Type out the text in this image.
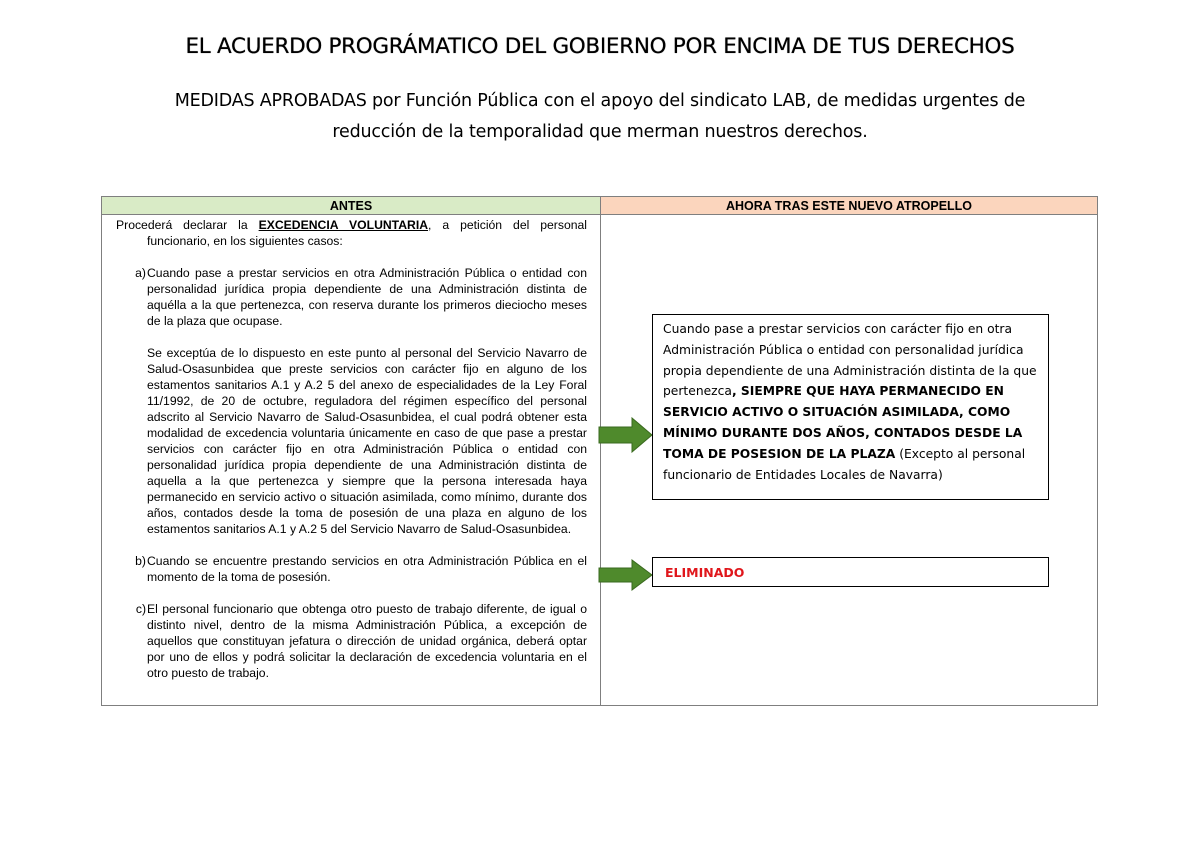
EL ACUERDO PROGRÁMATICO DEL GOBIERNO POR ENCIMA DE TUS DERECHOS
MEDIDAS APROBADAS por Función Pública con el apoyo del sindicato LAB, de medidas urgentes de
reducción de la temporalidad que merman nuestros derechos.
ANTES	AHORA TRAS ESTE NUEVO ATROPELLO

Procederá declarar la EXCEDENCIA VOLUNTARIA, a petición del personal funcionario, en los siguientes casos:

a) Cuando pase a prestar servicios en otra Administración Pública o entidad con personalidad jurídica propia dependiente de una Administración distinta de aquélla a la que pertenezca, con reserva durante los primeros dieciocho meses de la plaza que ocupase.

Se exceptúa de lo dispuesto en este punto al personal del Servicio Navarro de Salud-Osasunbidea que preste servicios con carácter fijo en alguno de los estamentos sanitarios A.1 y A.2 5 del anexo de especialidades de la Ley Foral 11/1992, de 20 de octubre, reguladora del régimen específico del personal adscrito al Servicio Navarro de Salud-Osasunbidea, el cual podrá obtener esta modalidad de excedencia voluntaria únicamente en caso de que pase a prestar servicios con carácter fijo en otra Administración Pública o entidad con personalidad jurídica propia dependiente de una Administración distinta de aquella a la que pertenezca y siempre que la persona interesada haya permanecido en servicio activo o situación asimilada, como mínimo, durante dos años, contados desde la toma de posesión de una plaza en alguno de los estamentos sanitarios A.1 y A.2 5 del Servicio Navarro de Salud-Osasunbidea.

b) Cuando se encuentre prestando servicios en otra Administración Pública en el momento de la toma de posesión.

c) El personal funcionario que obtenga otro puesto de trabajo diferente, de igual o distinto nivel, dentro de la misma Administración Pública, a excepción de aquellos que constituyan jefatura o dirección de unidad orgánica, deberá optar por uno de ellos y podrá solicitar la declaración de excedencia voluntaria en el otro puesto de trabajo.

Cuando pase a prestar servicios con carácter fijo en otra Administración Pública o entidad con personalidad jurídica propia dependiente de una Administración distinta de la que pertenezca, SIEMPRE QUE HAYA PERMANECIDO EN SERVICIO ACTIVO O SITUACIÓN ASIMILADA, COMO MÍNIMO DURANTE DOS AÑOS, CONTADOS DESDE LA TOMA DE POSESION DE LA PLAZA (Excepto al personal funcionario de Entidades Locales de Navarra)
ELIMINADO
